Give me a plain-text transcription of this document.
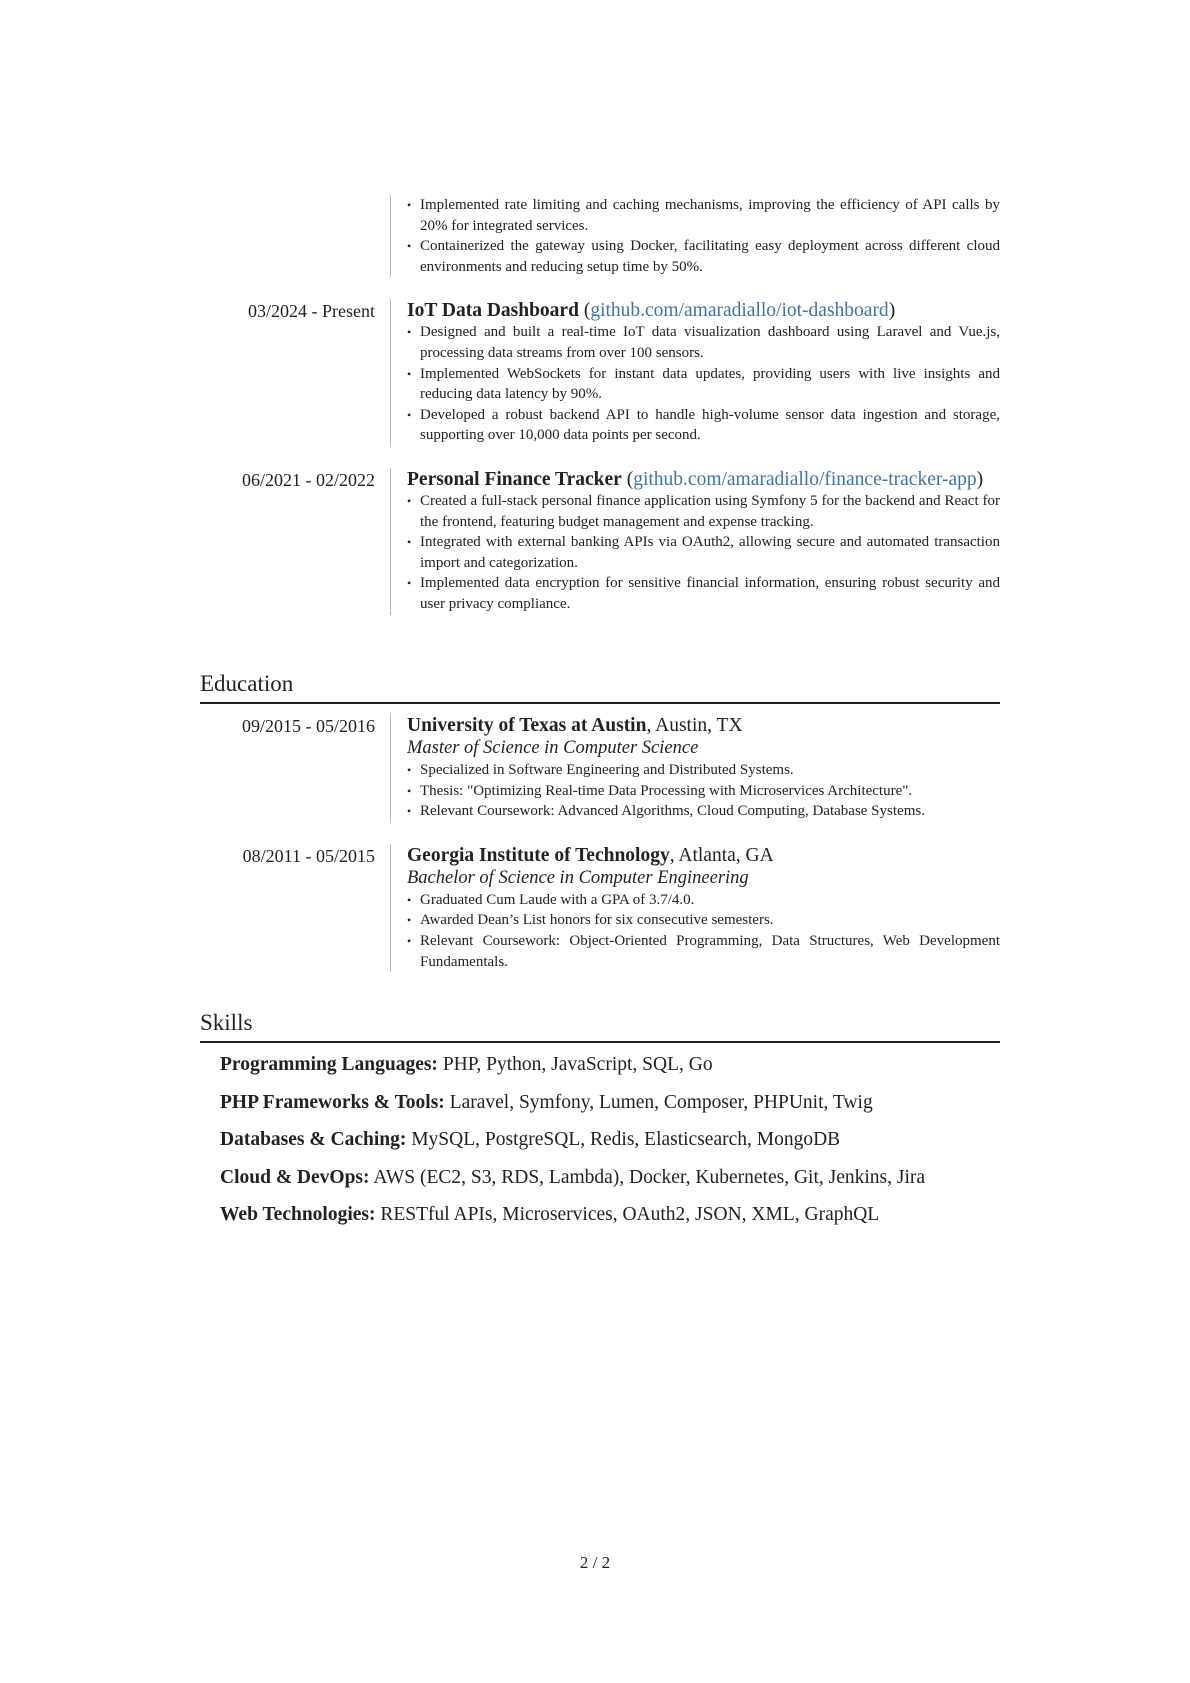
• Implemented rate limiting and caching mechanisms, improving the efficiency of API calls by 20% for integrated services.
• Containerized the gateway using Docker, facilitating easy deployment across different cloud environments and reducing setup time by 50%.
03/2024 - Present	IoT Data Dashboard (github.com/amaradiallo/iot-dashboard)
• Designed and built a real-time IoT data visualization dashboard using Laravel and Vue.js, processing data streams from over 100 sensors.
• Implemented WebSockets for instant data updates, providing users with live insights and reducing data latency by 90%.
• Developed a robust backend API to handle high-volume sensor data ingestion and storage, supporting over 10,000 data points per second.
06/2021 - 02/2022	Personal Finance Tracker (github.com/amaradiallo/finance-tracker-app)
• Created a full-stack personal finance application using Symfony 5 for the backend and React for the frontend, featuring budget management and expense tracking.
• Integrated with external banking APIs via OAuth2, allowing secure and automated transaction import and categorization.
• Implemented data encryption for sensitive financial information, ensuring robust security and user privacy compliance.
Education
09/2015 - 05/2016	University of Texas at Austin, Austin, TX
Master of Science in Computer Science
• Specialized in Software Engineering and Distributed Systems.
• Thesis: "Optimizing Real-time Data Processing with Microservices Architecture".
• Relevant Coursework: Advanced Algorithms, Cloud Computing, Database Systems.
08/2011 - 05/2015	Georgia Institute of Technology, Atlanta, GA
Bachelor of Science in Computer Engineering
• Graduated Cum Laude with a GPA of 3.7/4.0.
• Awarded Dean’s List honors for six consecutive semesters.
• Relevant Coursework: Object-Oriented Programming, Data Structures, Web Development Fundamentals.
Skills
Programming Languages: PHP, Python, JavaScript, SQL, Go
PHP Frameworks & Tools: Laravel, Symfony, Lumen, Composer, PHPUnit, Twig
Databases & Caching: MySQL, PostgreSQL, Redis, Elasticsearch, MongoDB
Cloud & DevOps: AWS (EC2, S3, RDS, Lambda), Docker, Kubernetes, Git, Jenkins, Jira
Web Technologies: RESTful APIs, Microservices, OAuth2, JSON, XML, GraphQL
2 / 2
